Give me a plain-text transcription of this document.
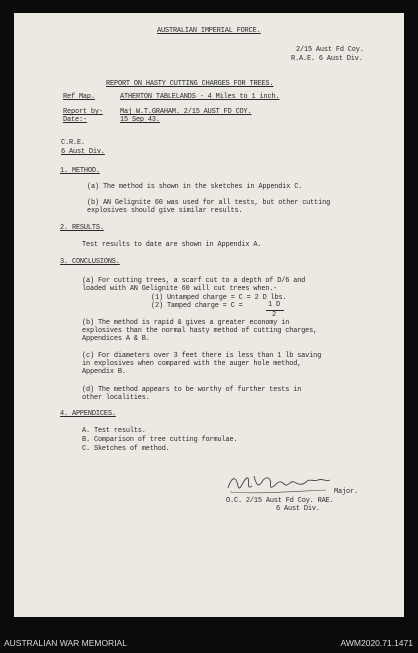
AUSTRALIAN IMPERIAL FORCE.

2/15 Aust Fd Coy.

R.A.E. 6 Aust Div.

REPORT ON HASTY CUTTING CHARGES FOR TREES.

Ref Map.	ATHERTON TABLELANDS - 4 Miles to 1 inch.

Report by- Maj W.T.GRAHAM. 2/15 AUST FD COY.

Date:-	15 Sep 43.

C.R.E.

6 Aust Div.

1. METHOD.

(a) The method is shown in the sketches in Appendix C.

(b) AN Gelignite 60 was used for all tests, but other cutting

explosives should give similar results.

2. RESULTS.

Test results to date are shown in Appendix A.

3. CONCLUSIONS.

(a) For cutting trees, a scarf cut to a depth of D/6 and

loaded with AN Gelignite 60 will cut trees when.-

(1) Untamped charge = C = 2 D lbs.

(2) Tamped charge = C =	1 D

2

(b) The method is rapid & gives a greater economy in

explosives than the normal hasty method of cutting charges,

Appendices A & B.

(c) For diameters over 3 feet there is less than 1 lb saving

in explosives when compared with the auger hole method,

Appendix B.

(d) The method appears to be worthy of further tests in

other localities.

4. APPENDICES.

A. Test results.

B. Comparison of tree cutting formulae.

C. Sketches of method.

Major.

O.C. 2/15 Aust Fd Coy. RAE.

6 Aust Div.

AUSTRALIAN WAR MEMORIAL	AWM2020.71.1471
